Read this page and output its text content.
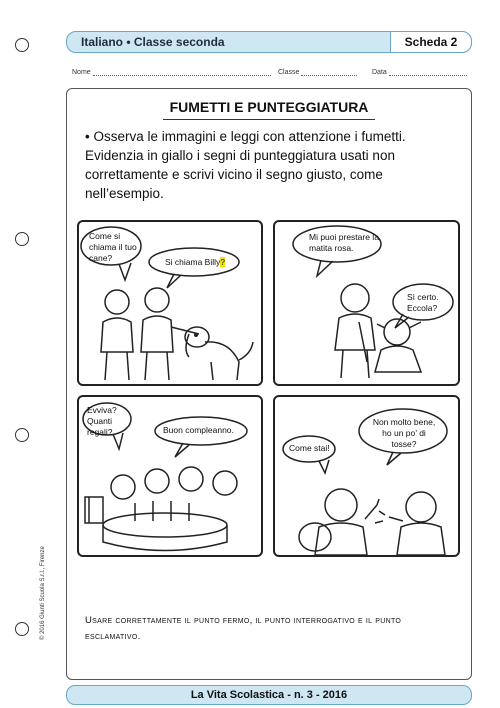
Italiano • Classe seconda	Scheda 2
Nome	Classe	Data
FUMETTI E PUNTEGGIATURA
• Osserva le immagini e leggi con attenzione i fumetti. Evidenzia in giallo i segni di punteggiatura usati non correttamente e scrivi vicino il segno giusto, come nell’esempio.
Come si chiama il tuo cane?	Si chiama Billy?
Mi puoi prestare la matita rosa.
Sì certo. Eccola?
Evviva? Quanti regali?	Buon compleanno.
Come stai!
Non molto bene, ho un po’ di tosse?
Usare correttamente il punto fermo, il punto interrogativo e il punto esclamativo.
© 2016 Giunti Scuola S.r.l., Firenze
La Vita Scolastica - n. 3 - 2016
